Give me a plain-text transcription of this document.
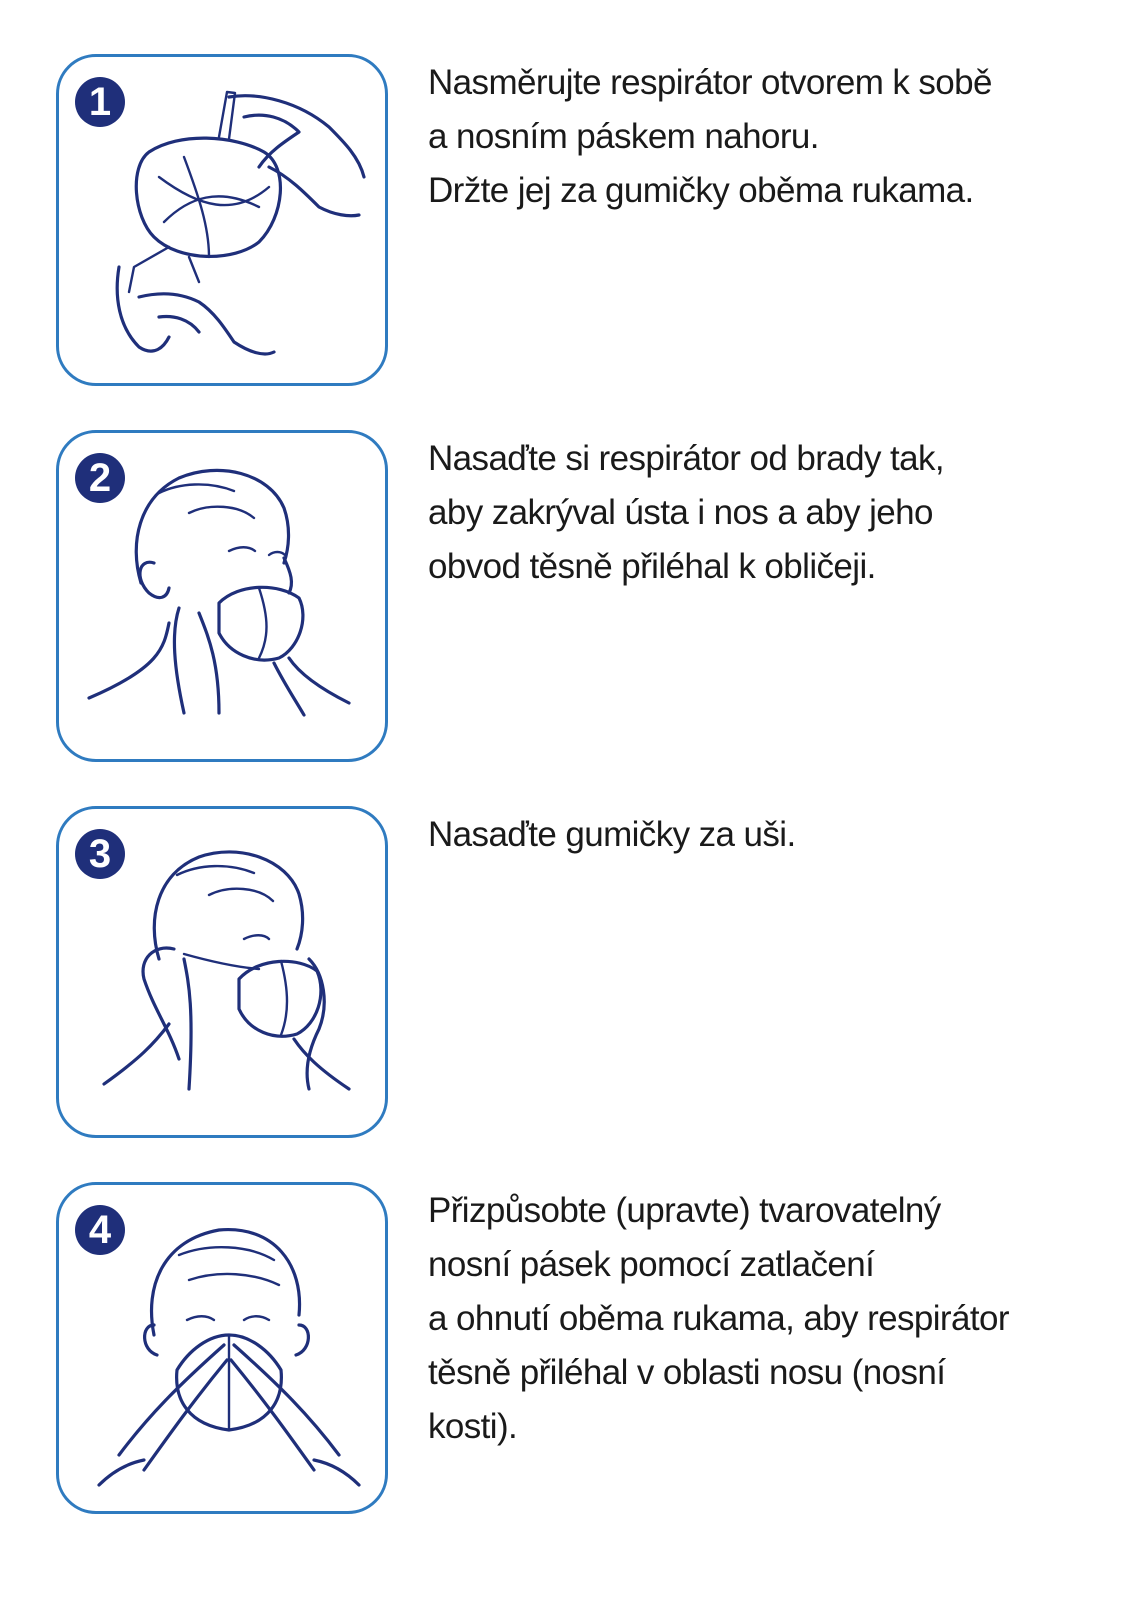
1	Nasměrujte respirátor otvorem k sobě
a nosním páskem nahoru.
Držte jej za gumičky oběma rukama.

2	Nasaďte si respirátor od brady tak,
aby zakrýval ústa i nos a aby jeho
obvod těsně přiléhal k obličeji.

3	Nasaďte gumičky za uši.

4	Přizpůsobte (upravte) tvarovatelný
nosní pásek pomocí zatlačení
a ohnutí oběma rukama, aby respirátor
těsně přiléhal v oblasti nosu (nosní
kosti).
